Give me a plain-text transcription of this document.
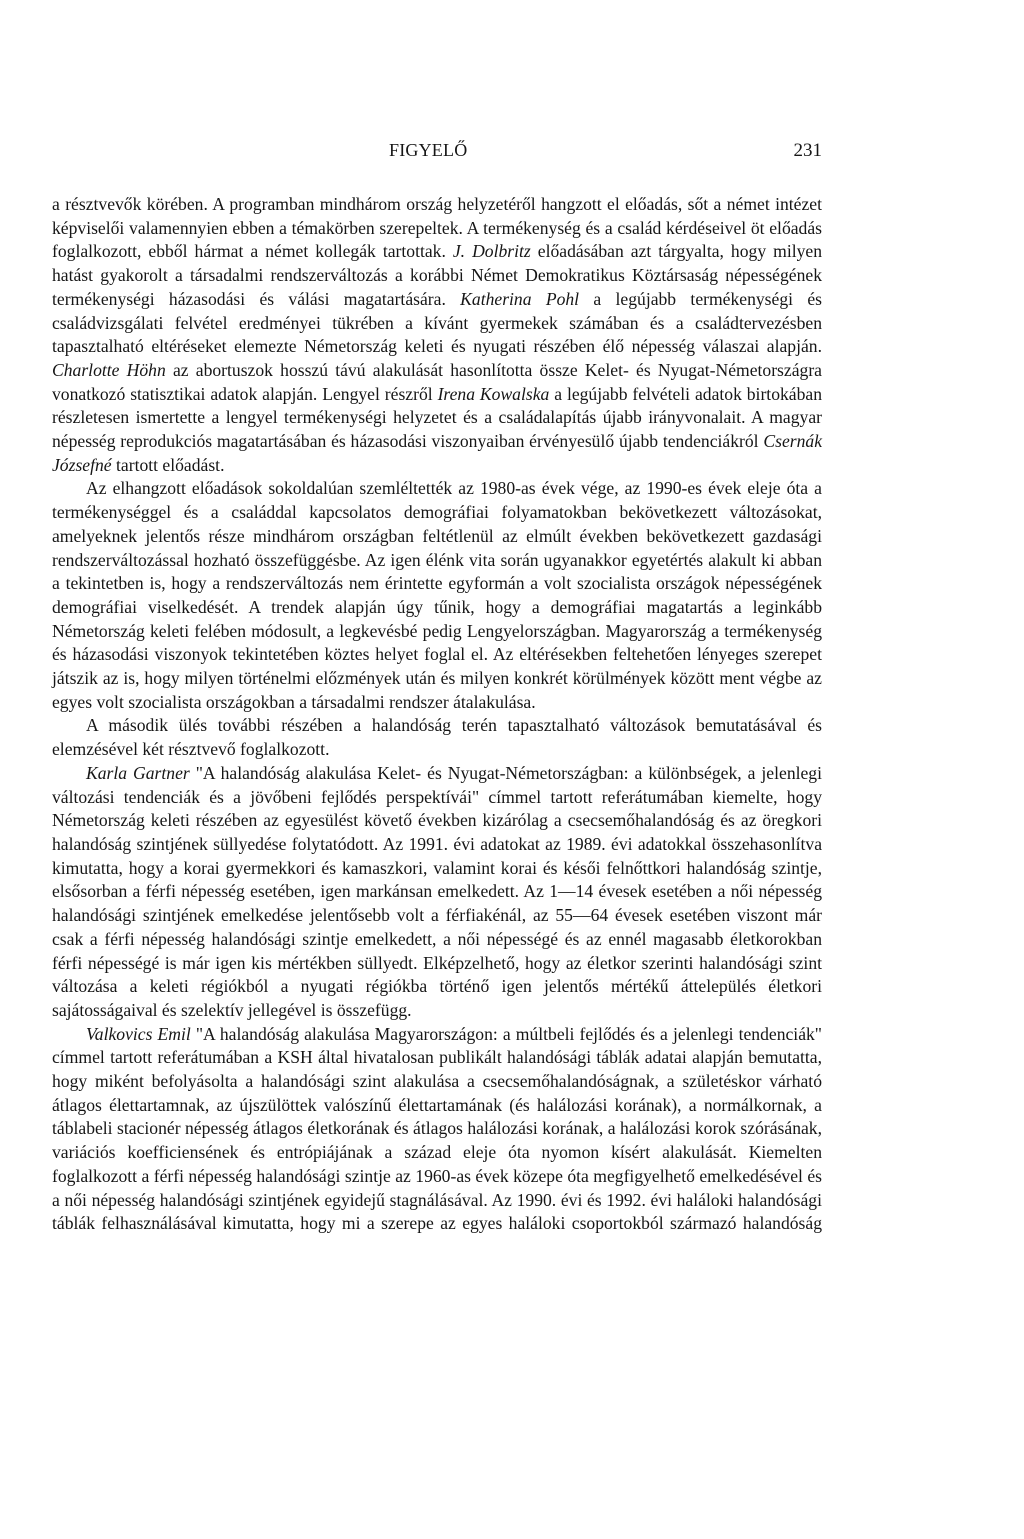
FIGYELŐ	231

a résztvevők körében. A programban mindhárom ország helyzetéről hangzott el előadás, sőt a német intézet képviselői valamennyien ebben a témakörben szerepeltek. A termékenység és a család kérdéseivel öt előadás foglalkozott, ebből hármat a német kollegák tartottak. J. Dolbritz előadásában azt tárgyalta, hogy milyen hatást gyakorolt a társadalmi rendszerváltozás a korábbi Német Demokratikus Köztársaság népességének termékenységi házasodási és válási magatartására. Katherina Pohl a legújabb termékenységi és családvizsgálati felvétel eredményei tükrében a kívánt gyermekek számában és a családtervezésben tapasztalható eltéréseket elemezte Németország keleti és nyugati részében élő népesség válaszai alapján. Charlotte Höhn az abortuszok hosszú távú alakulását hasonlította össze Kelet- és Nyugat-Németországra vonatkozó statisztikai adatok alapján. Lengyel részről Irena Kowalska a legújabb felvételi adatok birtokában részletesen ismertette a lengyel termékenységi helyzetet és a családalapítás újabb irányvonalait. A magyar népesség reprodukciós magatartásában és házasodási viszonyaiban érvényesülő újabb tendenciákról Csernák Józsefné tartott előadást.

Az elhangzott előadások sokoldalúan szemléltették az 1980-as évek vége, az 1990-es évek eleje óta a termékenységgel és a családdal kapcsolatos demográfiai folyamatokban bekövetkezett változásokat, amelyeknek jelentős része mindhárom országban feltétlenül az elmúlt években bekövetkezett gazdasági rendszerváltozással hozható összefüggésbe. Az igen élénk vita során ugyanakkor egyetértés alakult ki abban a tekintetben is, hogy a rendszerváltozás nem érintette egyformán a volt szocialista országok népességének demográfiai viselkedését. A trendek alapján úgy tűnik, hogy a demográfiai magatartás a leginkább Németország keleti felében módosult, a legkevésbé pedig Lengyelországban. Magyarország a termékenység és házasodási viszonyok tekintetében köztes helyet foglal el. Az eltérésekben feltehetően lényeges szerepet játszik az is, hogy milyen történelmi előzmények után és milyen konkrét körülmények között ment végbe az egyes volt szocialista országokban a társadalmi rendszer átalakulása.

A második ülés további részében a halandóság terén tapasztalható változások bemutatásával és elemzésével két résztvevő foglalkozott.

Karla Gartner "A halandóság alakulása Kelet- és Nyugat-Németországban: a különbségek, a jelenlegi változási tendenciák és a jövőbeni fejlődés perspektívái" címmel tartott referátumában kiemelte, hogy Németország keleti részében az egyesülést követő években kizárólag a csecsemőhalandóság és az öregkori halandóság szintjének süllyedése folytatódott. Az 1991. évi adatokat az 1989. évi adatokkal összehasonlítva kimutatta, hogy a korai gyermekkori és kamaszkori, valamint korai és késői felnőttkori halandóság szintje, elsősorban a férfi népesség esetében, igen markánsan emelkedett. Az 1—14 évesek esetében a női népesség halandósági szintjének emelkedése jelentősebb volt a férfiakénál, az 55—64 évesek esetében viszont már csak a férfi népesség halandósági szintje emelkedett, a női népességé és az ennél magasabb életkorokban férfi népességé is már igen kis mértékben süllyedt. Elképzelhető, hogy az életkor szerinti halandósági szint változása a keleti régiókból a nyugati régiókba történő igen jelentős mértékű áttelepülés életkori sajátosságaival és szelektív jellegével is összefügg.

Valkovics Emil "A halandóság alakulása Magyarországon: a múltbeli fejlődés és a jelenlegi tendenciák" címmel tartott referátumában a KSH által hivatalosan publikált halandósági táblák adatai alapján bemutatta, hogy miként befolyásolta a halandósági szint alakulása a csecsemőhalandóságnak, a születéskor várható átlagos élettartamnak, az újszülöttek valószínű élettartamának (és halálozási korának), a normálkornak, a táblabeli stacionér népesség átlagos életkorának és átlagos halálozási korának, a halálozási korok szórásának, variációs koefficiensének és entrópiájának a század eleje óta nyomon kísért alakulását. Kiemelten foglalkozott a férfi népesség halandósági szintje az 1960-as évek közepe óta megfigyelhető emelkedésével és a női népesség halandósági szintjének egyidejű stagnálásával. Az 1990. évi és 1992. évi haláloki halandósági táblák felhasználásával kimutatta, hogy mi a szerepe az egyes haláloki csoportokból származó halandóság
